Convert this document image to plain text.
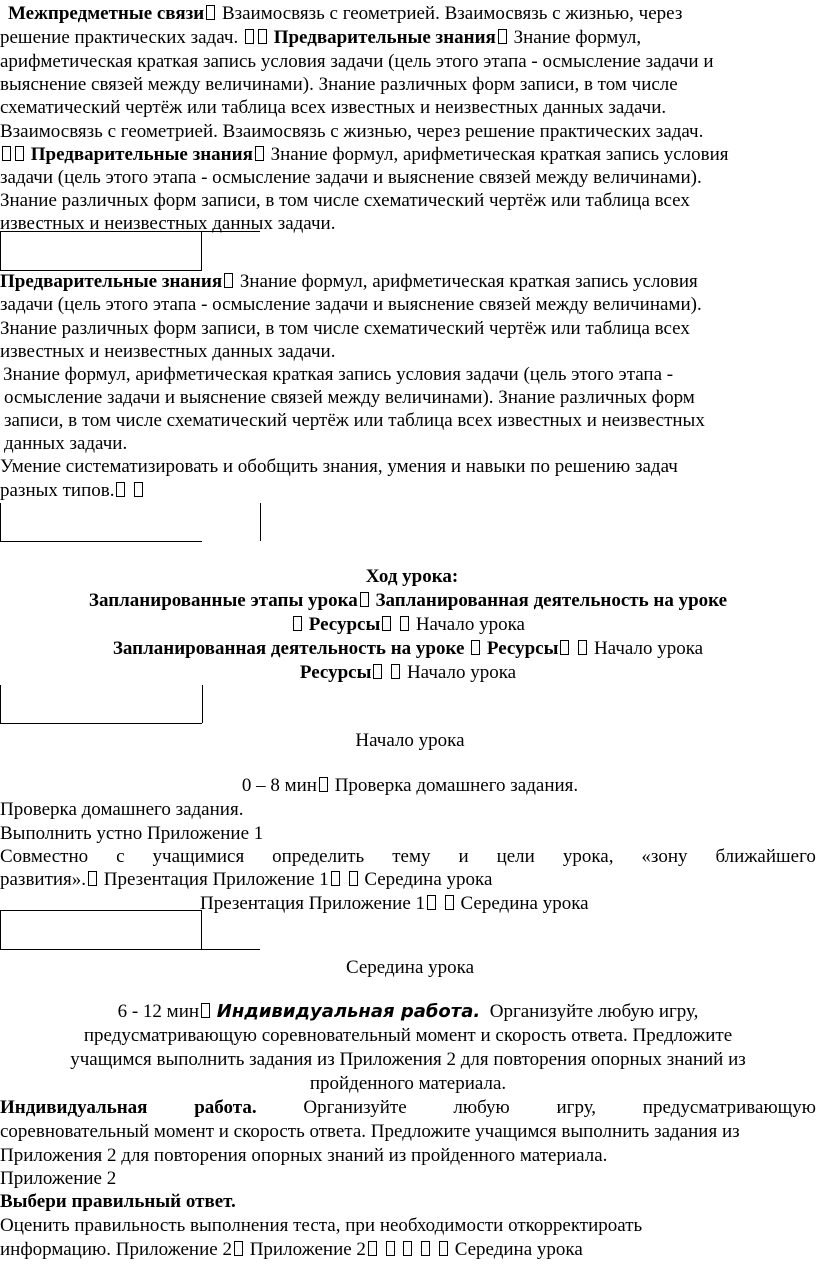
Межпредметные связи Взаимосвязь с геометрией. Взаимосвязь с жизнью, через
решение практических задач. Предварительные знания Знание формул,
арифметическая краткая запись условия задачи (цель этого этапа - осмысление задачи и
выяснение связей между величинами). Знание различных форм записи, в том числе
схематический чертёж или таблица всех известных и неизвестных данных задачи.
Взаимосвязь с геометрией. Взаимосвязь с жизнью, через решение практических задач.
Предварительные знания Знание формул, арифметическая краткая запись условия
задачи (цель этого этапа - осмысление задачи и выяснение связей между величинами).
Знание различных форм записи, в том числе схематический чертёж или таблица всех
известных и неизвестных данных задачи.
Предварительные знания Знание формул, арифметическая краткая запись условия
задачи (цель этого этапа - осмысление задачи и выяснение связей между величинами).
Знание различных форм записи, в том числе схематический чертёж или таблица всех
известных и неизвестных данных задачи.
Знание формул, арифметическая краткая запись условия задачи (цель этого этапа -
осмысление задачи и выяснение связей между величинами). Знание различных форм
записи, в том числе схематический чертёж или таблица всех известных и неизвестных
данных задачи.
Умение систематизировать и обобщить знания, умения и навыки по решению задач
разных типов.
Ход урока:
Запланированные этапы урока Запланированная деятельность на уроке
Ресурсы Начало урока
Запланированная деятельность на уроке Ресурсы Начало урока
Ресурсы Начало урока
Начало урока
0 – 8 мин Проверка домашнего задания.
Проверка домашнего задания.
Выполнить устно Приложение 1
Совместно с учащимися определить тему и цели урока, «зону ближайшего
развития». Презентация Приложение 1 Середина урока
Презентация Приложение 1 Середина урока
Середина урока
6 - 12 мин Индивидуальная работа. Организуйте любую игру,
предусматривающую соревновательный момент и скорость ответа. Предложите
учащимся выполнить задания из Приложения 2 для повторения опорных знаний из
пройденного материала.
Индивидуальная работа. Организуйте любую игру, предусматривающую
соревновательный момент и скорость ответа. Предложите учащимся выполнить задания из
Приложения 2 для повторения опорных знаний из пройденного материала.
Приложение 2
Выбери правильный ответ.
Оценить правильность выполнения теста, при необходимости откорректироать
информацию. Приложение 2 Приложение 2	Середина урока
